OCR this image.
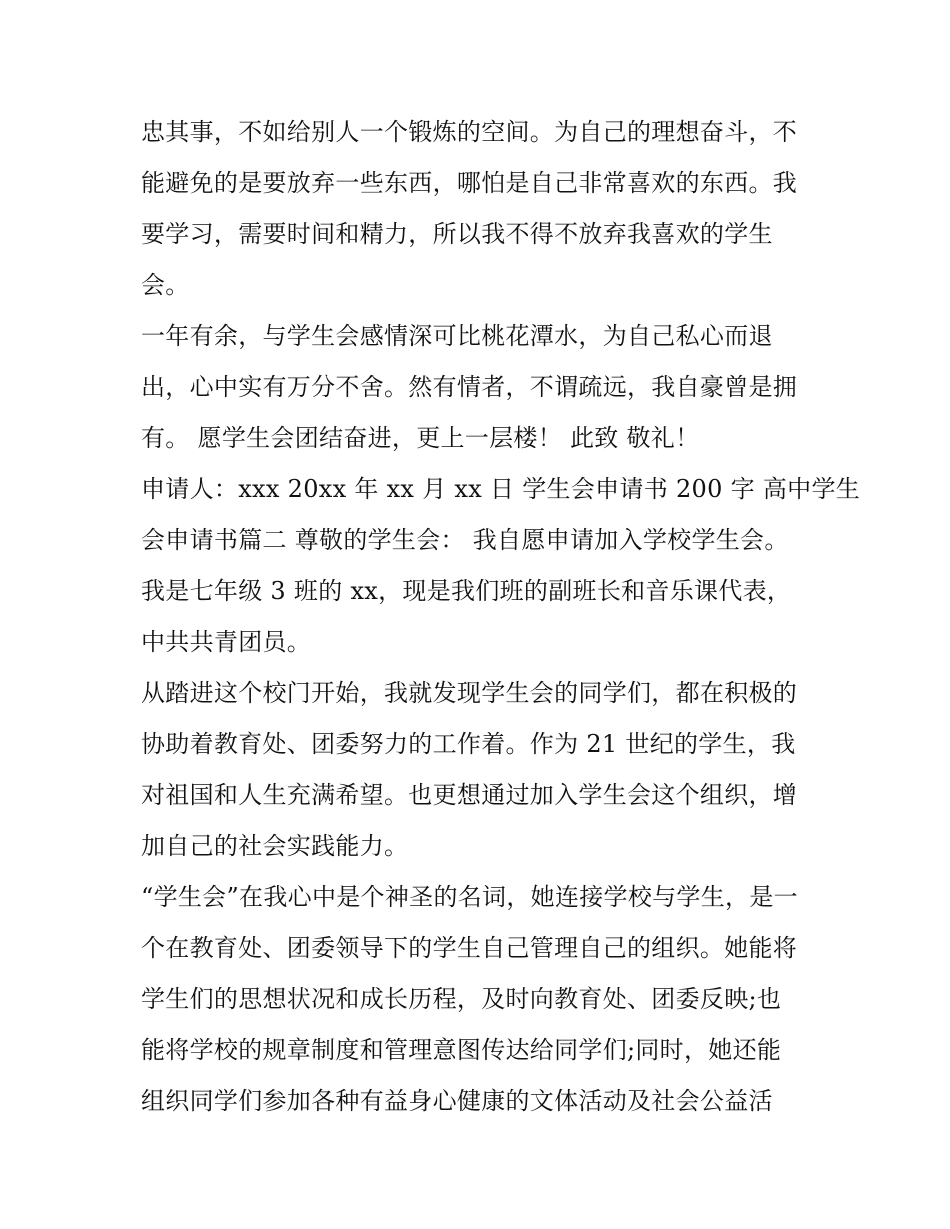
忠其事，不如给别人一个锻炼的空间。为自己的理想奋斗，不
能避免的是要放弃一些东西，哪怕是自己非常喜欢的东西。我
要学习，需要时间和精力，所以我不得不放弃我喜欢的学生
会。
一年有余，与学生会感情深可比桃花潭水，为自己私心而退
出，心中实有万分不舍。然有情者，不谓疏远，我自豪曾是拥
有。 愿学生会团结奋进，更上一层楼！ 此致 敬礼！
申请人：xxx 20xx 年 xx 月 xx 日 学生会申请书 200 字 高中学生
会申请书篇二 尊敬的学生会： 我自愿申请加入学校学生会。
我是七年级 3 班的 xx，现是我们班的副班长和音乐课代表，
中共共青团员。
从踏进这个校门开始，我就发现学生会的同学们，都在积极的
协助着教育处、团委努力的工作着。作为 21 世纪的学生，我
对祖国和人生充满希望。也更想通过加入学生会这个组织，增
加自己的社会实践能力。
“学生会”在我心中是个神圣的名词，她连接学校与学生，是一
个在教育处、团委领导下的学生自己管理自己的组织。她能将
学生们的思想状况和成长历程，及时向教育处、团委反映;也
能将学校的规章制度和管理意图传达给同学们;同时，她还能
组织同学们参加各种有益身心健康的文体活动及社会公益活
